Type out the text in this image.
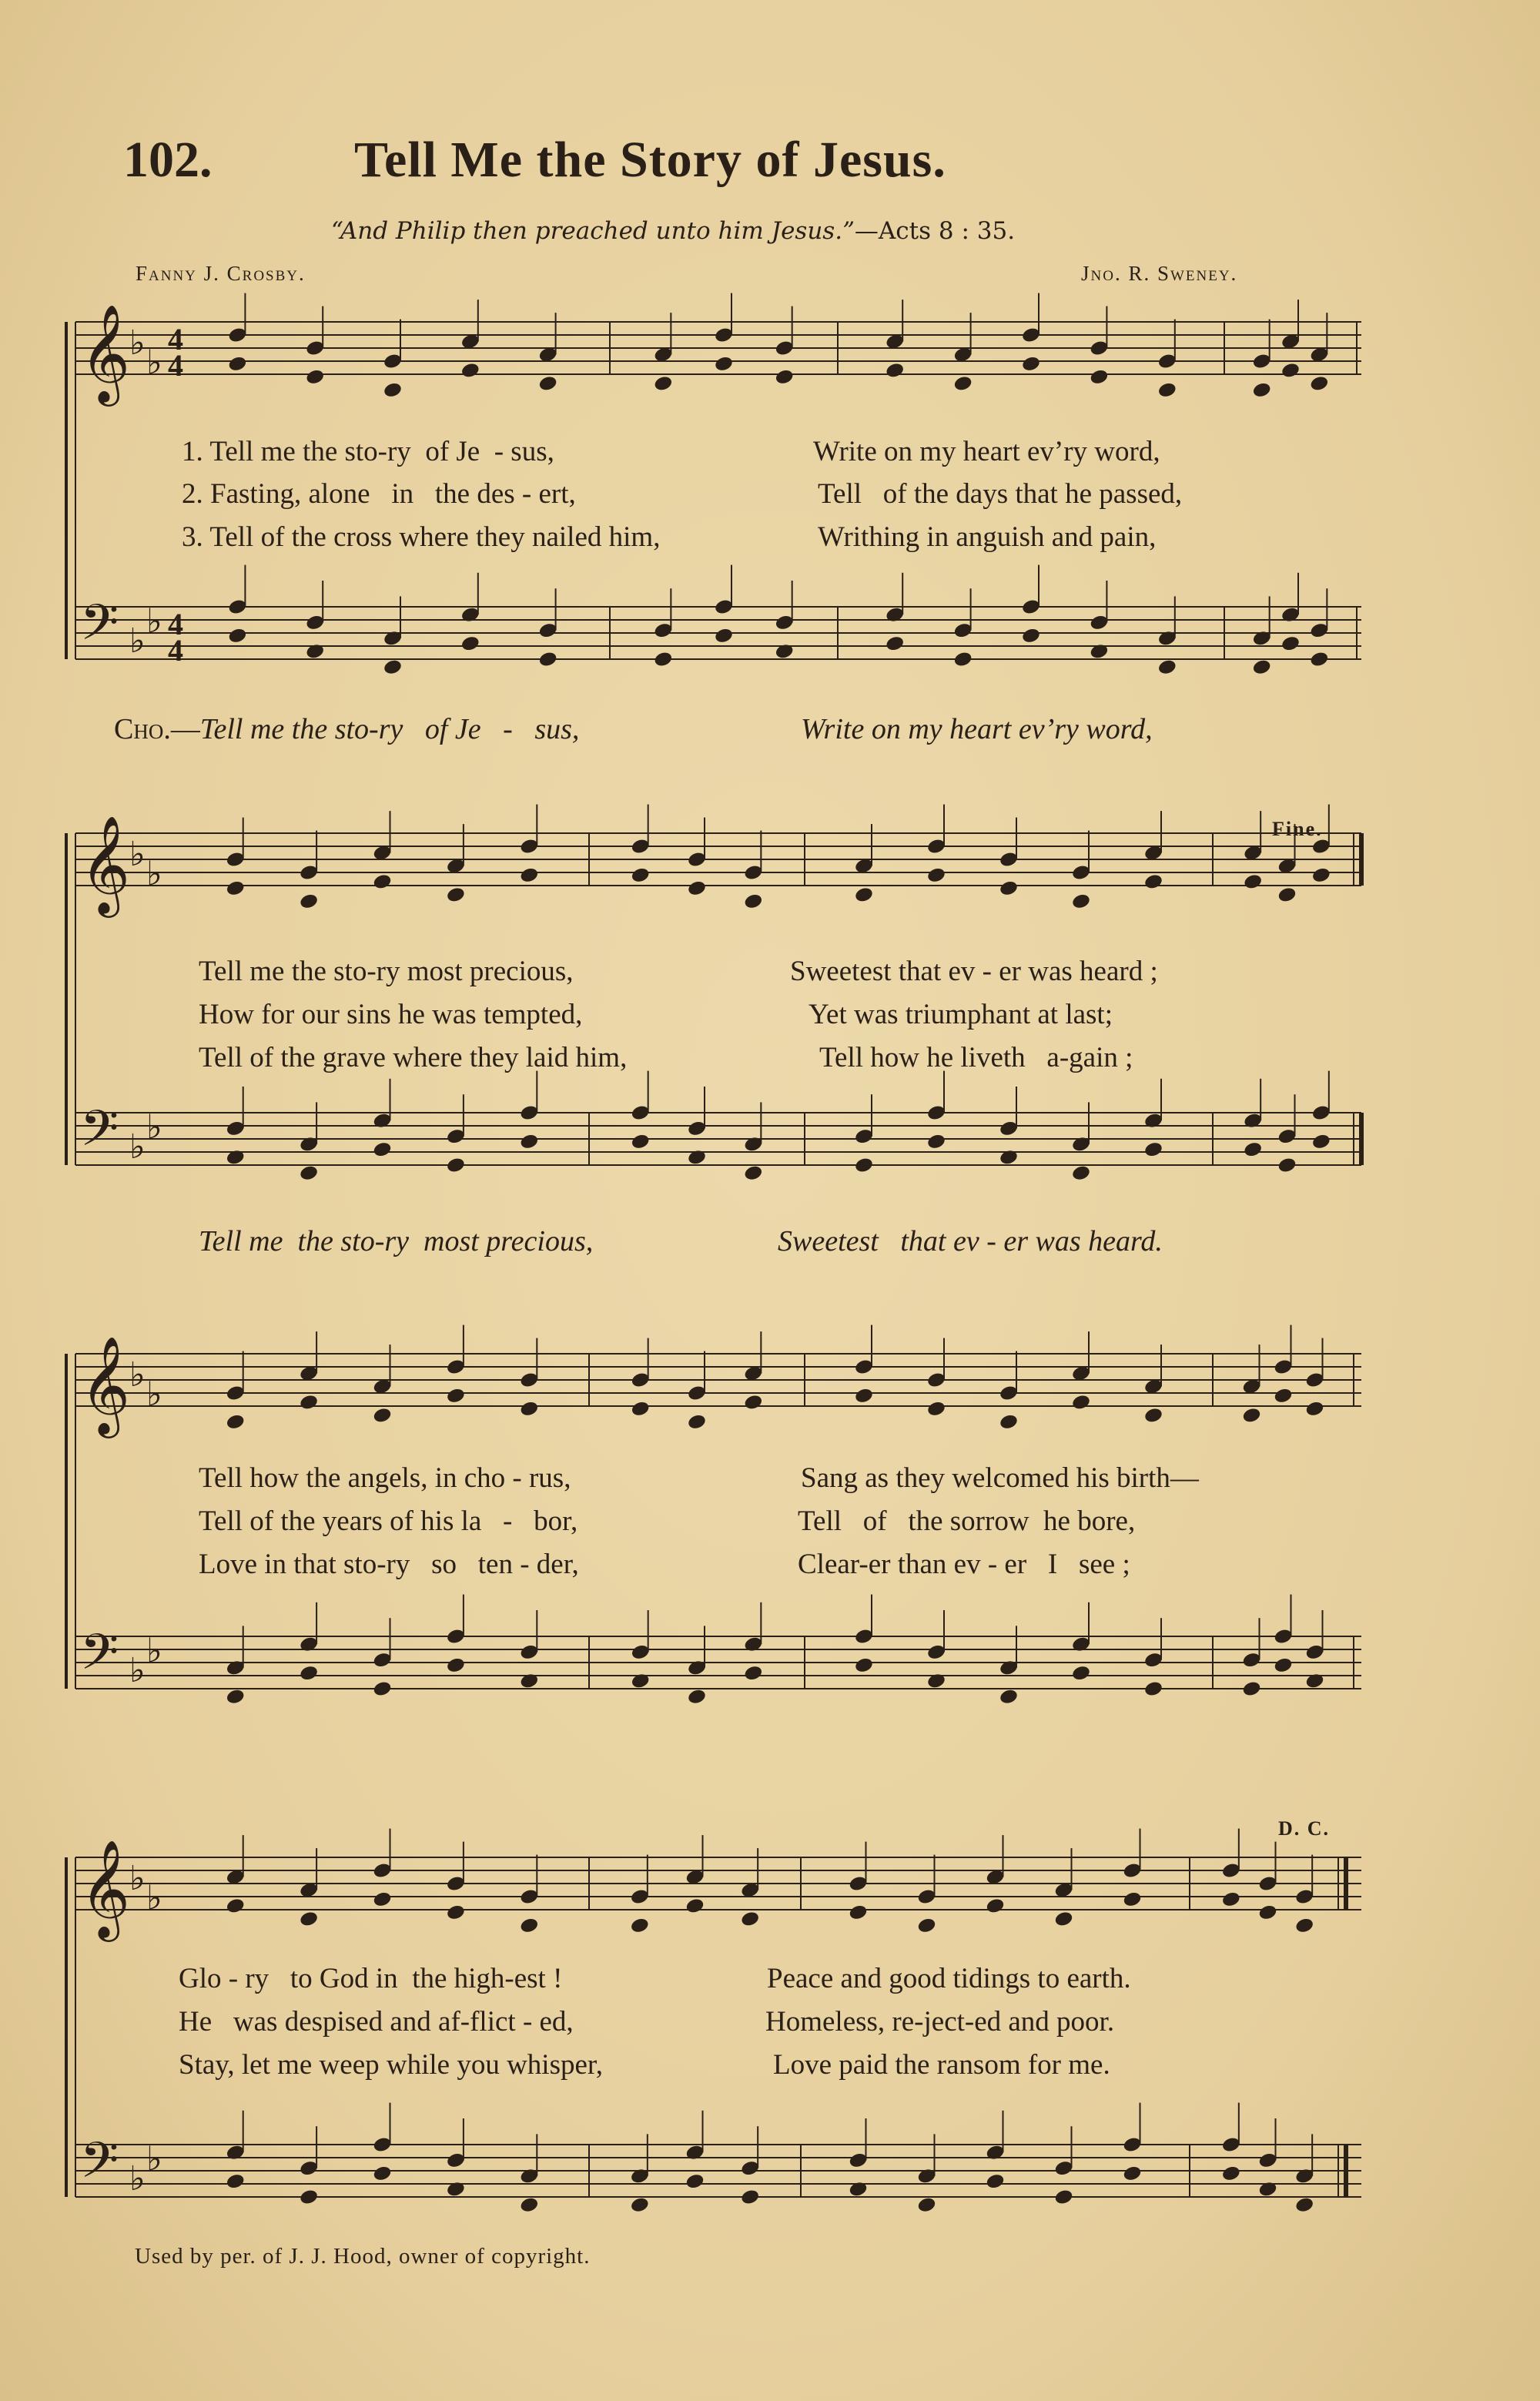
102.	Tell Me the Story of Jesus.
“And Philip then preached unto him Jesus.”—Acts 8 : 35.
Fanny J. Crosby.	Jno. R. Sweney.
𝄞
♭ ♭
4
4
𝄢 ♭ ♭ 4
4
𝄞
♭ ♭
𝄢 ♭ ♭
𝄞
♭ ♭
𝄢 ♭ ♭
𝄞
♭ ♭
𝄢 ♭ ♭
1. Tell me the sto-ry of Je - sus,	Write on my heart ev’ry word,
2. Fasting, alone in the des - ert,	Tell of the days that he passed,
3. Tell of the cross where they nailed him,	Writhing in anguish and pain,
Cho.—Tell me the sto-ry of Je - sus,	Write on my heart ev’ry word,
Fine.
Tell me the sto-ry most precious,	Sweetest that ev - er was heard ;
How for our sins he was tempted,	Yet was triumphant at last;
Tell of the grave where they laid him,	Tell how he liveth a-gain ;
Tell me the sto-ry most precious,	Sweetest that ev - er was heard.
Tell how the angels, in cho - rus,	Sang as they welcomed his birth—
Tell of the years of his la - bor,	Tell of the sorrow he bore,
Love in that sto-ry so ten - der,	Clear-er than ev - er I see ;
D. C.
Glo - ry to God in the high-est !	Peace and good tidings to earth.
He was despised and af-flict - ed,	Homeless, re-ject-ed and poor.
Stay, let me weep while you whisper,	Love paid the ransom for me.
Used by per. of J. J. Hood, owner of copyright.
